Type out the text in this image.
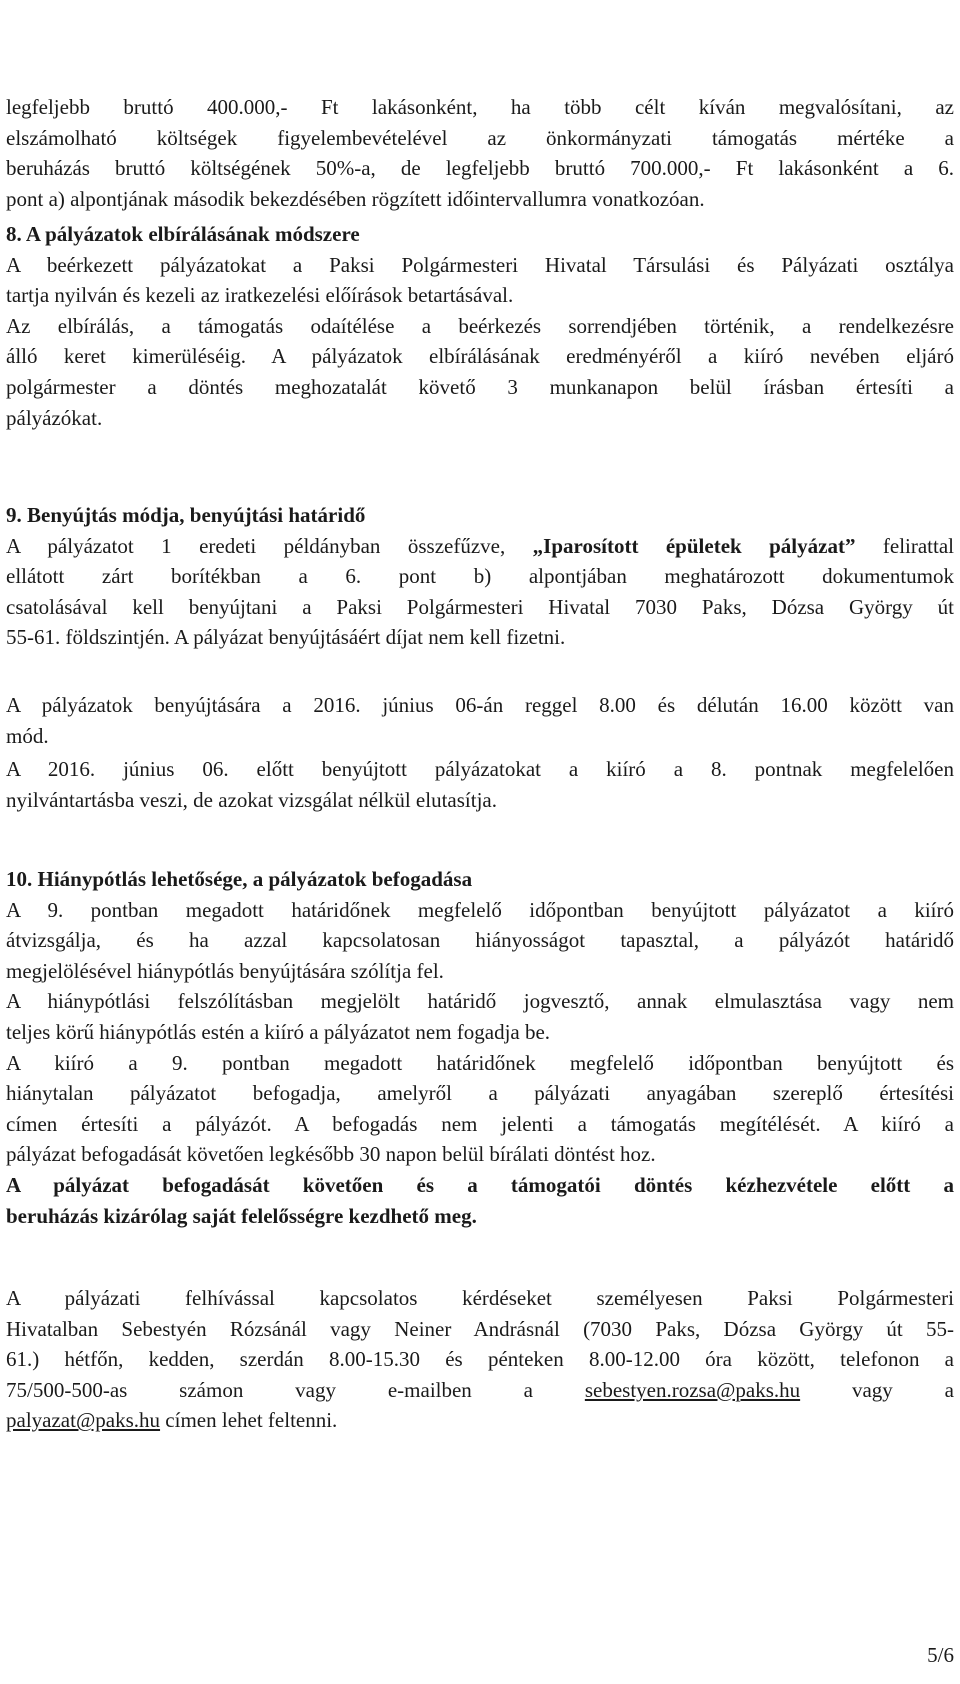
legfeljebb bruttó 400.000,- Ft lakásonként, ha több célt kíván megvalósítani, az
elszámolható költségek figyelembevételével az önkormányzati támogatás mértéke a
beruházás bruttó költségének 50%-a, de legfeljebb bruttó 700.000,- Ft lakásonként a 6.
pont a) alpontjának második bekezdésében rögzített időintervallumra vonatkozóan.
8. A pályázatok elbírálásának módszere
A beérkezett pályázatokat a Paksi Polgármesteri Hivatal Társulási és Pályázati osztálya
tartja nyilván és kezeli az iratkezelési előírások betartásával.
Az elbírálás, a támogatás odaítélése a beérkezés sorrendjében történik, a rendelkezésre
álló keret kimerüléséig. A pályázatok elbírálásának eredményéről a kiíró nevében eljáró
polgármester a döntés meghozatalát követő 3 munkanapon belül írásban értesíti a
pályázókat.
9. Benyújtás módja, benyújtási határidő
A pályázatot 1 eredeti példányban összefűzve, „Iparosított épületek pályázat” felirattal
ellátott zárt borítékban a 6. pont b) alpontjában meghatározott dokumentumok
csatolásával kell benyújtani a Paksi Polgármesteri Hivatal 7030 Paks, Dózsa György út
55-61. földszintjén. A pályázat benyújtásáért díjat nem kell fizetni.
A pályázatok benyújtására a 2016. június 06-án reggel 8.00 és délután 16.00 között van
mód.
A 2016. június 06. előtt benyújtott pályázatokat a kiíró a 8. pontnak megfelelően
nyilvántartásba veszi, de azokat vizsgálat nélkül elutasítja.
10. Hiánypótlás lehetősége, a pályázatok befogadása
A 9. pontban megadott határidőnek megfelelő időpontban benyújtott pályázatot a kiíró
átvizsgálja, és ha azzal kapcsolatosan hiányosságot tapasztal, a pályázót határidő
megjelölésével hiánypótlás benyújtására szólítja fel.
A hiánypótlási felszólításban megjelölt határidő jogvesztő, annak elmulasztása vagy nem
teljes körű hiánypótlás estén a kiíró a pályázatot nem fogadja be.
A kiíró a 9. pontban megadott határidőnek megfelelő időpontban benyújtott és
hiánytalan pályázatot befogadja, amelyről a pályázati anyagában szereplő értesítési
címen értesíti a pályázót. A befogadás nem jelenti a támogatás megítélését. A kiíró a
pályázat befogadását követően legkésőbb 30 napon belül bírálati döntést hoz.
A pályázat befogadását követően és a támogatói döntés kézhezvétele előtt a
beruházás kizárólag saját felelősségre kezdhető meg.
A pályázati felhívással kapcsolatos kérdéseket személyesen Paksi Polgármesteri
Hivatalban Sebestyén Rózsánál vagy Neiner Andrásnál (7030 Paks, Dózsa György út 55-
61.) hétfőn, kedden, szerdán 8.00-15.30 és pénteken 8.00-12.00 óra között, telefonon a
75/500-500-as számon vagy e-mailben a sebestyen.rozsa@paks.hu vagy a
palyazat@paks.hu címen lehet feltenni.
5/6
